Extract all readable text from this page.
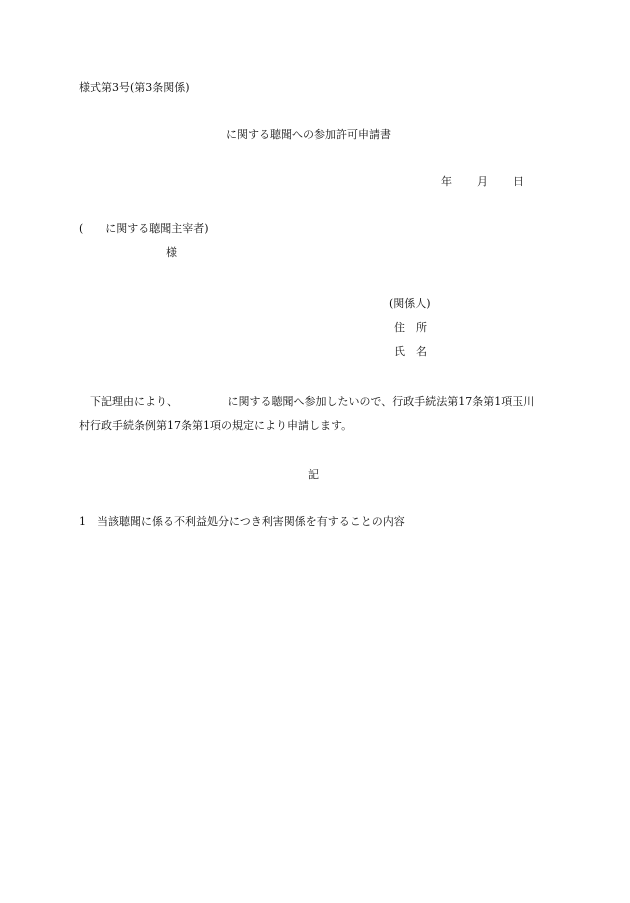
様式第3号(第3条関係)
に関する聴聞への参加許可申請書
年 月 日
(　　に関する聴聞主宰者)
様
(関係人)
住　所
氏　名
下記理由により、　　　　　に関する聴聞へ参加したいので、行政手続法第17条第1項玉川
村行政手続条例第17条第1項の規定により申請します。
記
1　当該聴聞に係る不利益処分につき利害関係を有することの内容
